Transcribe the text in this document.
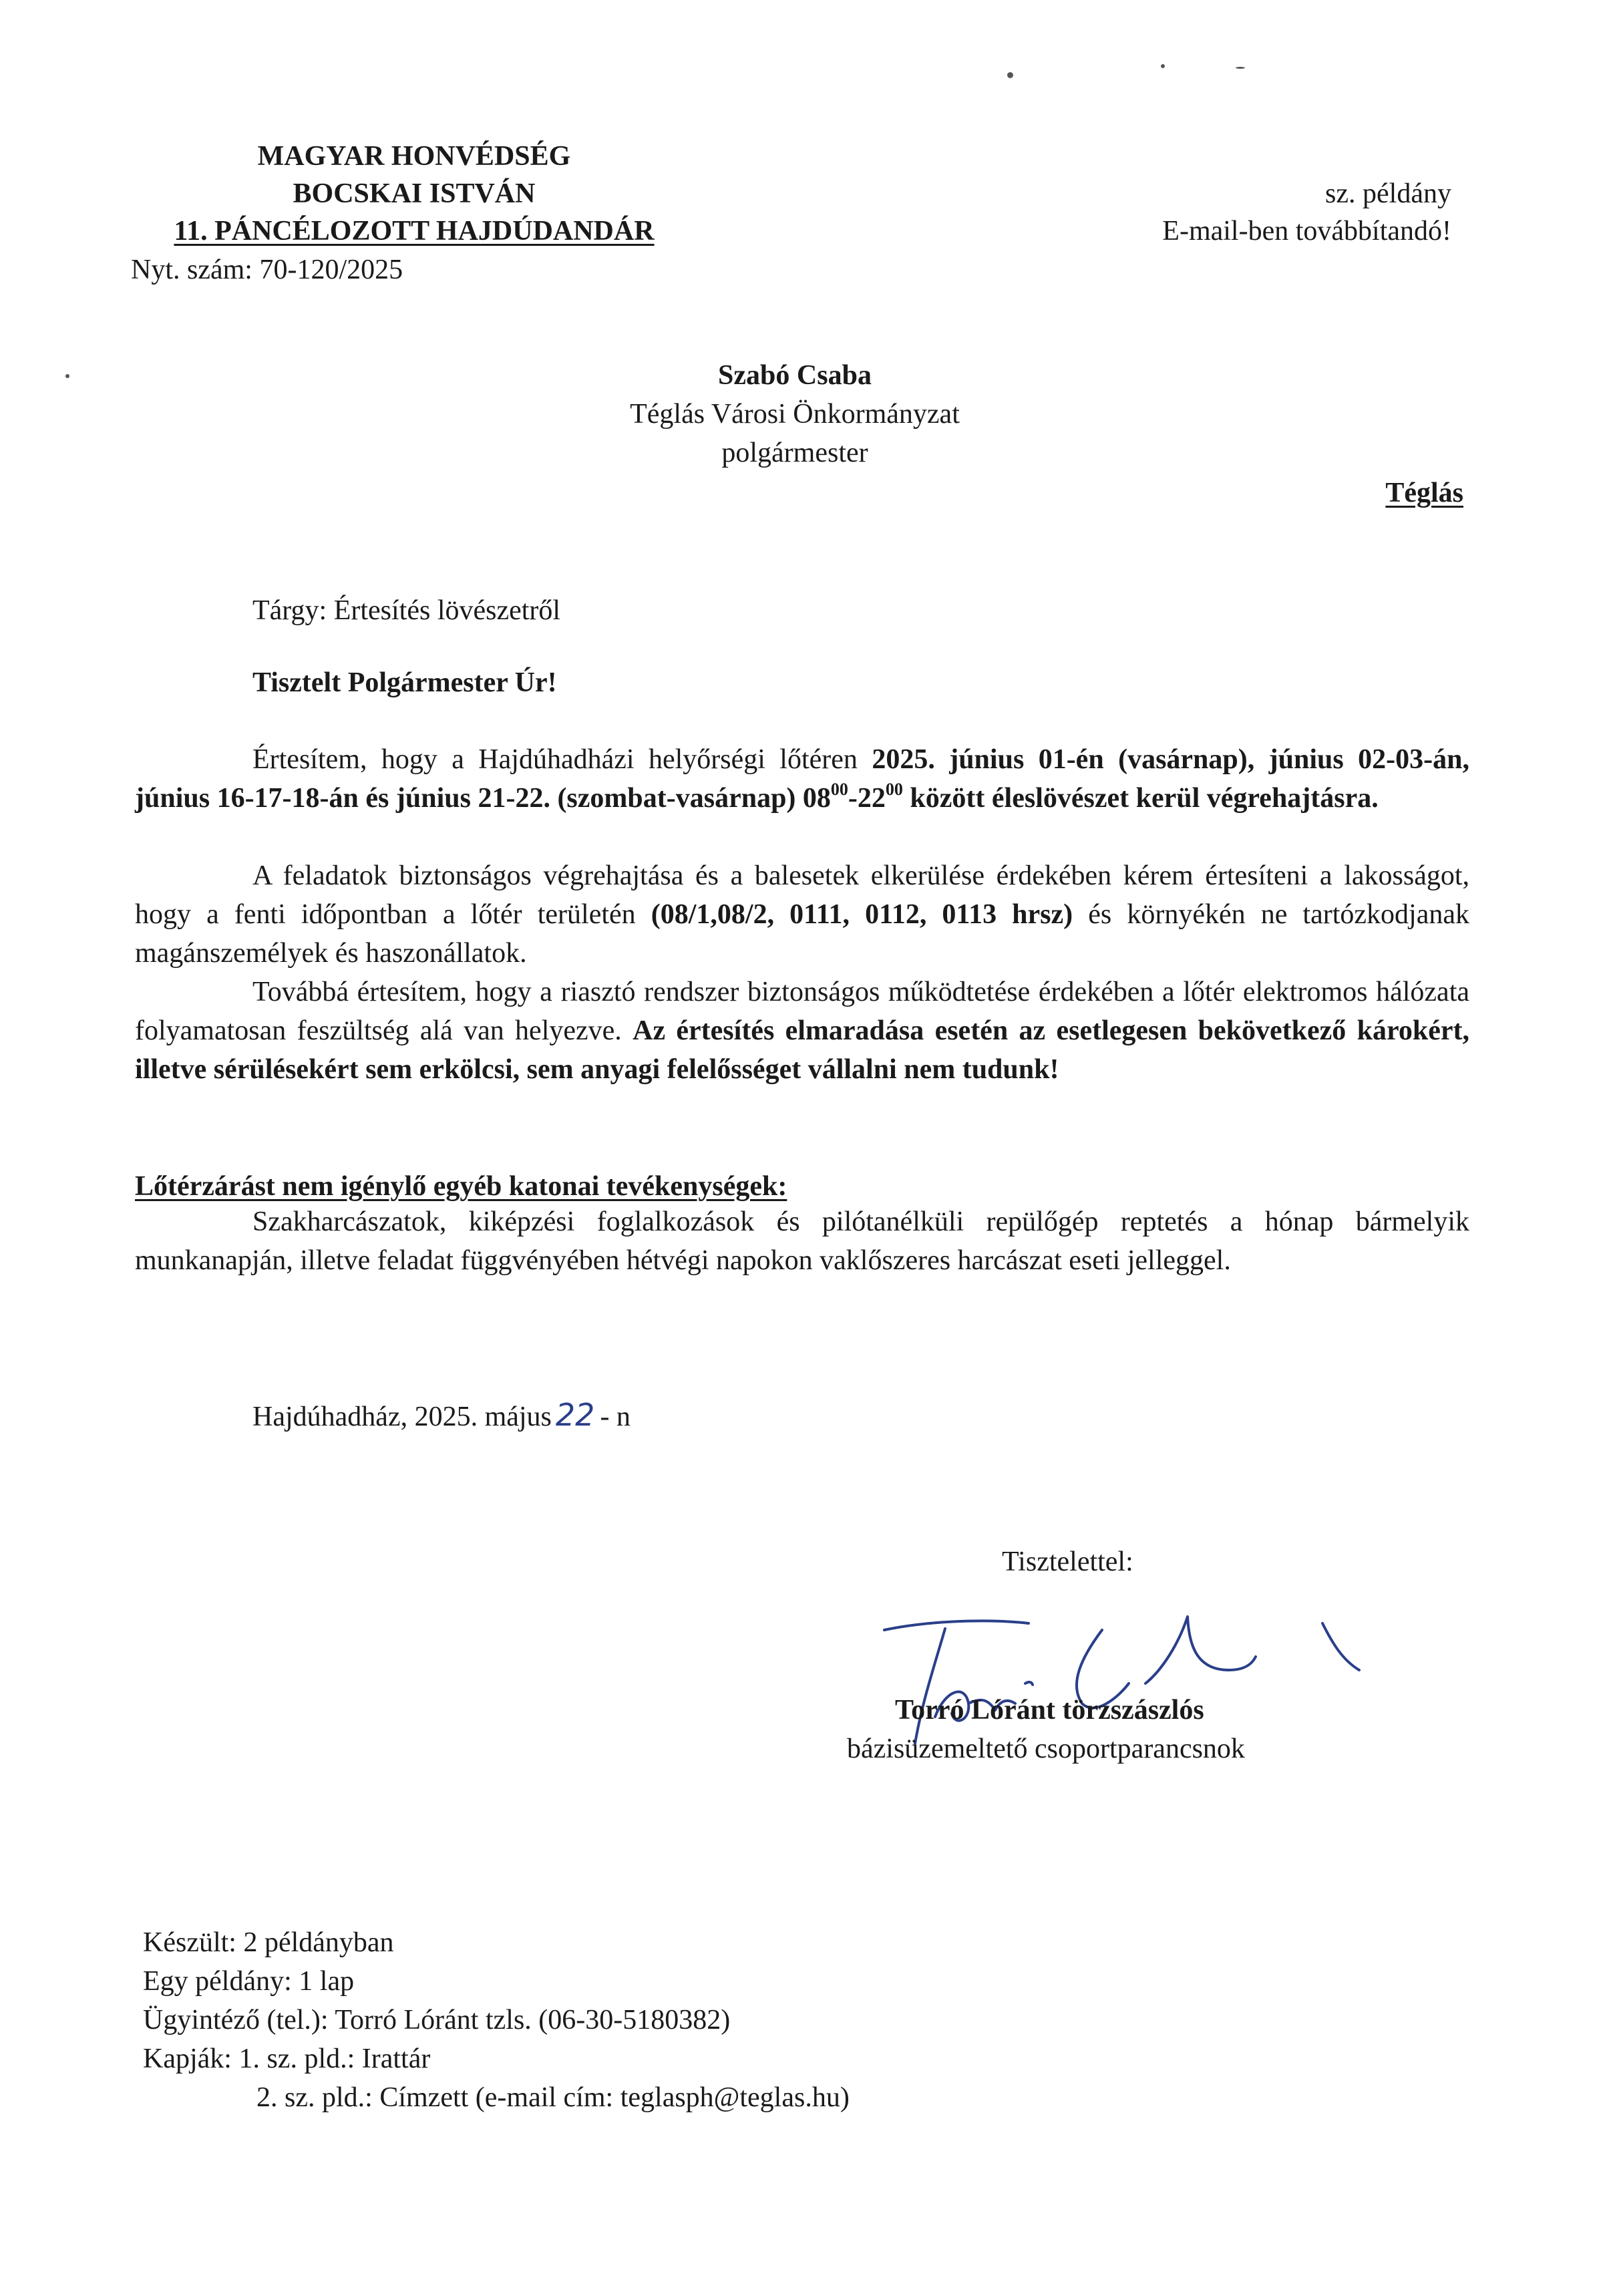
MAGYAR HONVÉDSÉG
BOCSKAI ISTVÁN
11. PÁNCÉLOZOTT HAJDÚDANDÁR
Nyt. szám: 70-120/2025
sz. példány
E-mail-ben továbbítandó!
Szabó Csaba
Téglás Városi Önkormányzat
polgármester
Téglás
Tárgy: Értesítés lövészetről
Tisztelt Polgármester Úr!
Értesítem, hogy a Hajdúhadházi helyőrségi lőtéren 2025. június 01-én (vasárnap), június 02-03-án, június 16-17-18-án és június 21-22. (szombat-vasárnap) $08^{00}-22^{00}$ között éleslövészet kerül végrehajtásra.
A feladatok biztonságos végrehajtása és a balesetek elkerülése érdekében kérem értesíteni a lakosságot, hogy a fenti időpontban a lőtér területén (08/1,08/2, 0111, 0112, 0113 hrsz) és környékén ne tartózkodjanak magánszemélyek és haszonállatok.
Továbbá értesítem, hogy a riasztó rendszer biztonságos működtetése érdekében a lőtér elektromos hálózata folyamatosan feszültség alá van helyezve. Az értesítés elmaradása esetén az esetlegesen bekövetkező károkért, illetve sérülésekért sem erkölcsi, sem anyagi felelősséget vállalni nem tudunk!
Lőtérzárást nem igénylő egyéb katonai tevékenységek:
Szakharcászatok, kiképzési foglalkozások és pilótanélküli repülőgép reptetés a hónap bármelyik munkanapján, illetve feladat függvényében hétvégi napokon vaklőszeres harcászat eseti jelleggel.
Hajdúhadház, 2025. május 22 - n
Tisztelettel:
Torró Lóránt törzszászlós
bázisüzemeltető csoportparancsnok
Készült: 2 példányban
Egy példány: 1 lap
Ügyintéző (tel.): Torró Lóránt tzls. (06-30-5180382)
Kapják: 1. sz. pld.: Irattár
2. sz. pld.: Címzett (e-mail cím: teglasph@teglas.hu)
